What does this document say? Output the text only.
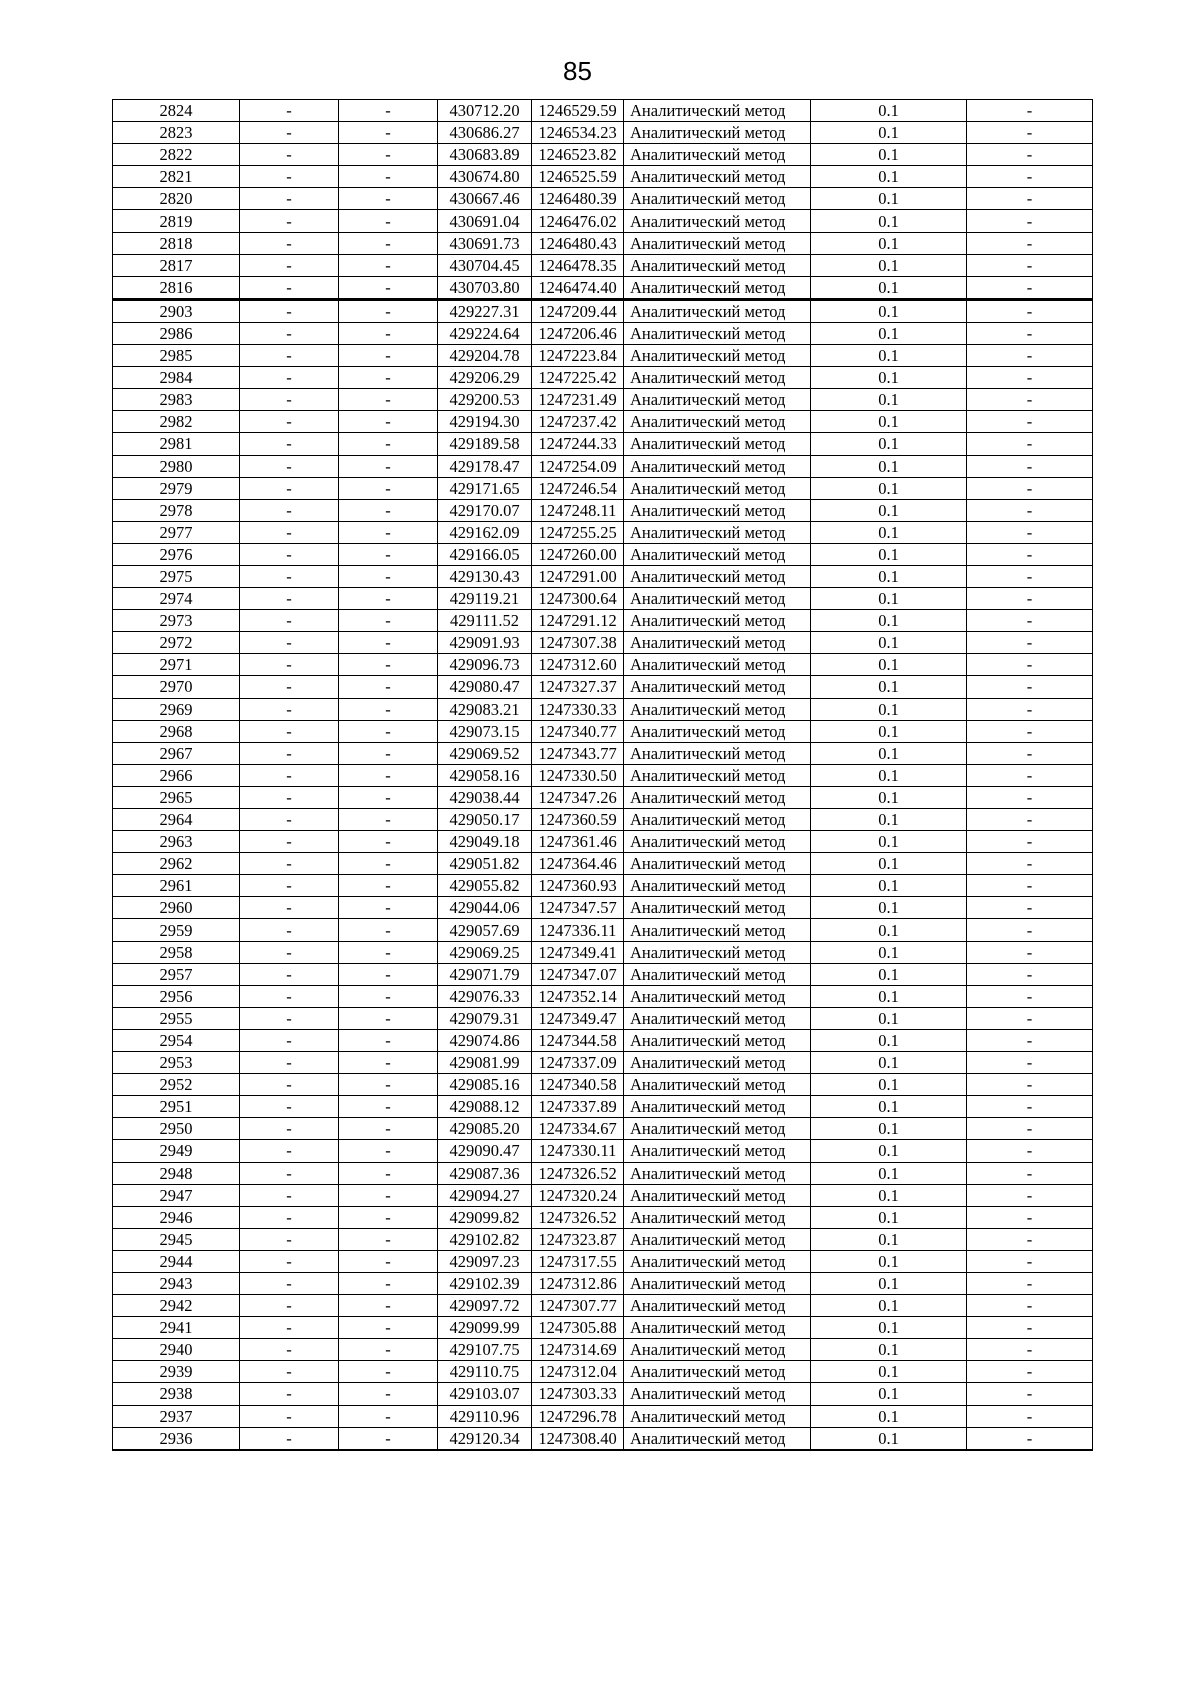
85
2824	-	-	430712.20	1246529.59	Аналитический метод	0.1	-
2823	-	-	430686.27	1246534.23	Аналитический метод	0.1	-
2822	-	-	430683.89	1246523.82	Аналитический метод	0.1	-
2821	-	-	430674.80	1246525.59	Аналитический метод	0.1	-
2820	-	-	430667.46	1246480.39	Аналитический метод	0.1	-
2819	-	-	430691.04	1246476.02	Аналитический метод	0.1	-
2818	-	-	430691.73	1246480.43	Аналитический метод	0.1	-
2817	-	-	430704.45	1246478.35	Аналитический метод	0.1	-
2816	-	-	430703.80	1246474.40	Аналитический метод	0.1	-
2903	-	-	429227.31	1247209.44	Аналитический метод	0.1	-
2986	-	-	429224.64	1247206.46	Аналитический метод	0.1	-
2985	-	-	429204.78	1247223.84	Аналитический метод	0.1	-
2984	-	-	429206.29	1247225.42	Аналитический метод	0.1	-
2983	-	-	429200.53	1247231.49	Аналитический метод	0.1	-
2982	-	-	429194.30	1247237.42	Аналитический метод	0.1	-
2981	-	-	429189.58	1247244.33	Аналитический метод	0.1	-
2980	-	-	429178.47	1247254.09	Аналитический метод	0.1	-
2979	-	-	429171.65	1247246.54	Аналитический метод	0.1	-
2978	-	-	429170.07	1247248.11	Аналитический метод	0.1	-
2977	-	-	429162.09	1247255.25	Аналитический метод	0.1	-
2976	-	-	429166.05	1247260.00	Аналитический метод	0.1	-
2975	-	-	429130.43	1247291.00	Аналитический метод	0.1	-
2974	-	-	429119.21	1247300.64	Аналитический метод	0.1	-
2973	-	-	429111.52	1247291.12	Аналитический метод	0.1	-
2972	-	-	429091.93	1247307.38	Аналитический метод	0.1	-
2971	-	-	429096.73	1247312.60	Аналитический метод	0.1	-
2970	-	-	429080.47	1247327.37	Аналитический метод	0.1	-
2969	-	-	429083.21	1247330.33	Аналитический метод	0.1	-
2968	-	-	429073.15	1247340.77	Аналитический метод	0.1	-
2967	-	-	429069.52	1247343.77	Аналитический метод	0.1	-
2966	-	-	429058.16	1247330.50	Аналитический метод	0.1	-
2965	-	-	429038.44	1247347.26	Аналитический метод	0.1	-
2964	-	-	429050.17	1247360.59	Аналитический метод	0.1	-
2963	-	-	429049.18	1247361.46	Аналитический метод	0.1	-
2962	-	-	429051.82	1247364.46	Аналитический метод	0.1	-
2961	-	-	429055.82	1247360.93	Аналитический метод	0.1	-
2960	-	-	429044.06	1247347.57	Аналитический метод	0.1	-
2959	-	-	429057.69	1247336.11	Аналитический метод	0.1	-
2958	-	-	429069.25	1247349.41	Аналитический метод	0.1	-
2957	-	-	429071.79	1247347.07	Аналитический метод	0.1	-
2956	-	-	429076.33	1247352.14	Аналитический метод	0.1	-
2955	-	-	429079.31	1247349.47	Аналитический метод	0.1	-
2954	-	-	429074.86	1247344.58	Аналитический метод	0.1	-
2953	-	-	429081.99	1247337.09	Аналитический метод	0.1	-
2952	-	-	429085.16	1247340.58	Аналитический метод	0.1	-
2951	-	-	429088.12	1247337.89	Аналитический метод	0.1	-
2950	-	-	429085.20	1247334.67	Аналитический метод	0.1	-
2949	-	-	429090.47	1247330.11	Аналитический метод	0.1	-
2948	-	-	429087.36	1247326.52	Аналитический метод	0.1	-
2947	-	-	429094.27	1247320.24	Аналитический метод	0.1	-
2946	-	-	429099.82	1247326.52	Аналитический метод	0.1	-
2945	-	-	429102.82	1247323.87	Аналитический метод	0.1	-
2944	-	-	429097.23	1247317.55	Аналитический метод	0.1	-
2943	-	-	429102.39	1247312.86	Аналитический метод	0.1	-
2942	-	-	429097.72	1247307.77	Аналитический метод	0.1	-
2941	-	-	429099.99	1247305.88	Аналитический метод	0.1	-
2940	-	-	429107.75	1247314.69	Аналитический метод	0.1	-
2939	-	-	429110.75	1247312.04	Аналитический метод	0.1	-
2938	-	-	429103.07	1247303.33	Аналитический метод	0.1	-
2937	-	-	429110.96	1247296.78	Аналитический метод	0.1	-
2936	-	-	429120.34	1247308.40	Аналитический метод	0.1	-
